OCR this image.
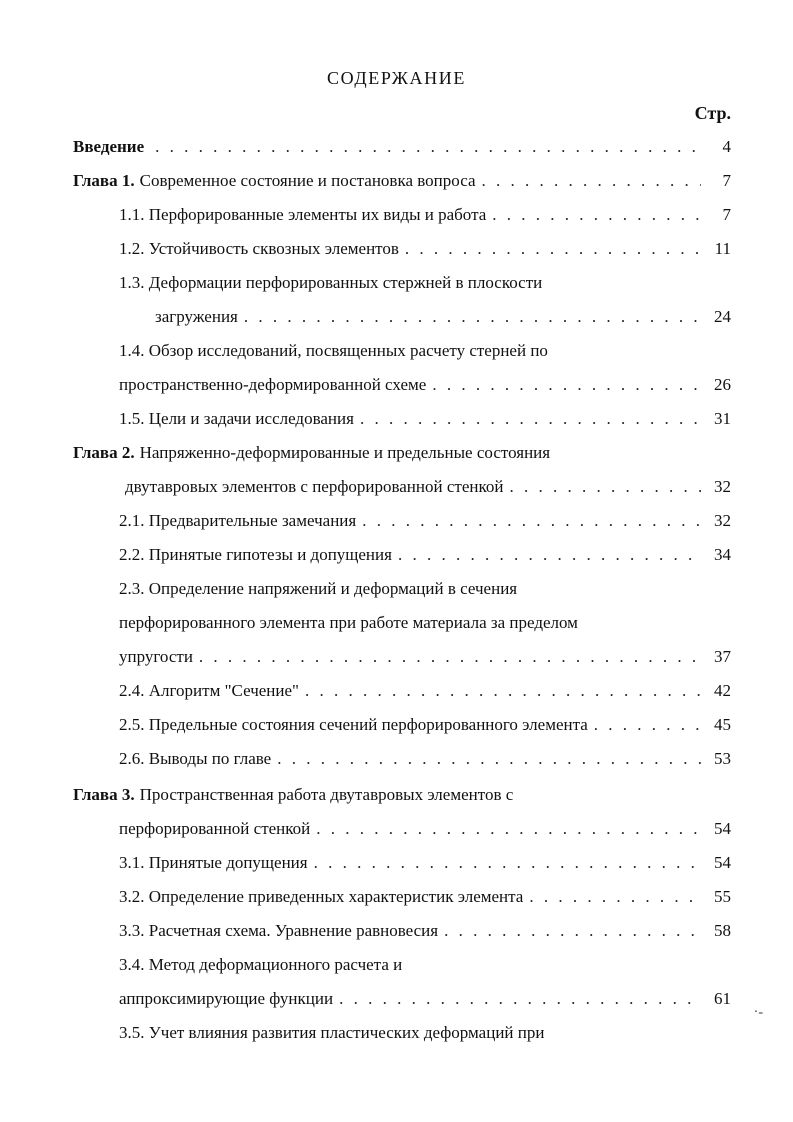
СОДЕРЖАНИЕ
Стр.
Введение . . .	4
Глава 1. Современное состояние и постановка вопроса . . .	7
1.1. Перфорированные элементы их виды и работа . . .	7
1.2. Устойчивость сквозных элементов . . .	11
1.3. Деформации перфорированных стержней в плоскости
загружения . . .	24
1.4. Обзор исследований, посвященных расчету стерней по
пространственно-деформированной схеме . . .	26
1.5. Цели и задачи исследования . . .	31
Глава 2. Напряженно-деформированные и предельные состояния
двутавровых элементов с перфорированной стенкой . . .	32
2.1. Предварительные замечания . . .	32
2.2. Принятые гипотезы и допущения . . .	34
2.3. Определение напряжений и деформаций в сечения
перфорированного элемента при работе материала за пределом
упругости . . .	37
2.4. Алгоритм "Сечение" . . .	42
2.5. Предельные состояния сечений перфорированного элемента . . .	45
2.6. Выводы по главе . . .	53
Глава 3. Пространственная работа двутавровых элементов с
перфорированной стенкой . . .	54
3.1. Принятые допущения . . .	54
3.2. Определение приведенных характеристик элемента . . .	55
3.3. Расчетная схема. Уравнение равновесия . . .	58
3.4. Метод деформационного расчета и
аппроксимирующие функции . . .	61
3.5. Учет влияния развития пластических деформаций при
·-
